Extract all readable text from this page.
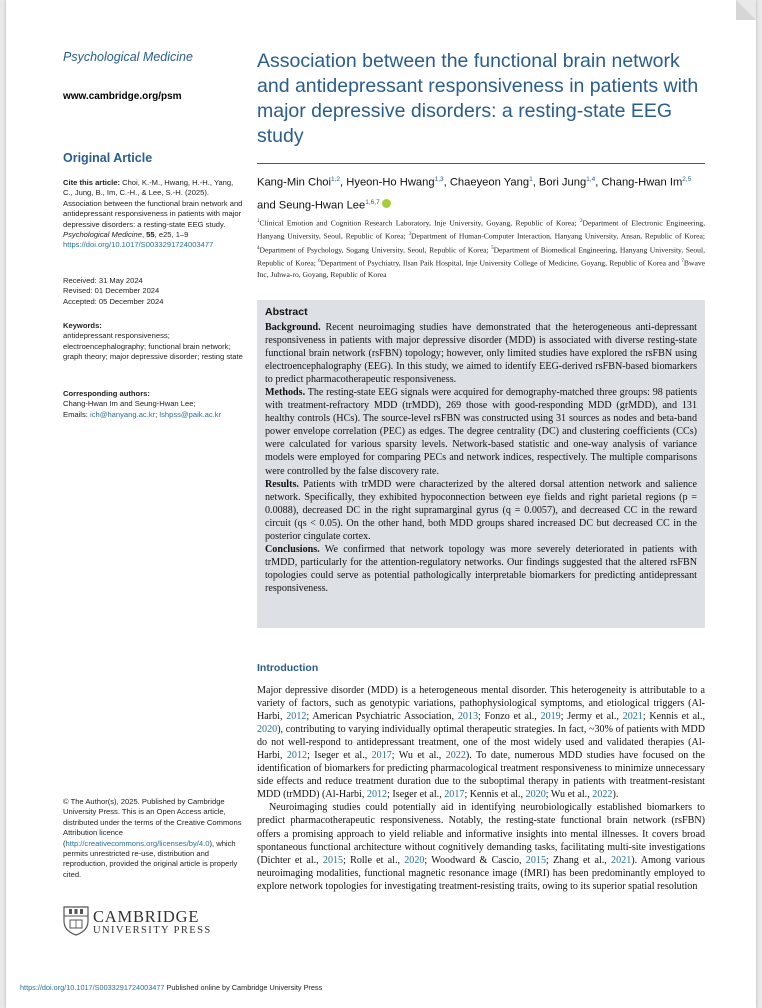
Psychological Medicine
www.cambridge.org/psm
Original Article
Cite this article: Choi, K.-M., Hwang, H.-H., Yang, C., Jung, B., Im, C.-H., & Lee, S.-H. (2025). Association between the functional brain network and antidepressant responsiveness in patients with major depressive disorders: a resting-state EEG study. Psychological Medicine, 55, e25, 1–9
https://doi.org/10.1017/S0033291724003477
Received: 31 May 2024
Revised: 01 December 2024
Accepted: 05 December 2024
Keywords:
antidepressant responsiveness; electroencephalography; functional brain network; graph theory; major depressive disorder; resting state
Corresponding authors:
Chang-Hwan Im and Seung-Hwan Lee;
Emails: ich@hanyang.ac.kr; lshpss@paik.ac.kr
© The Author(s), 2025. Published by Cambridge University Press. This is an Open Access article, distributed under the terms of the Creative Commons Attribution licence (http://creativecommons.org/licenses/by/4.0), which permits unrestricted re-use, distribution and reproduction, provided the original article is properly cited.
CAMBRIDGE
UNIVERSITY PRESS
Association between the functional brain network and antidepressant responsiveness in patients with major depressive disorders: a resting-state EEG study
Kang-Min Choi$^{1,2}$, Hyeon-Ho Hwang$^{1,3}$, Chaeyeon Yang$^1$, Bori Jung$^{1,4}$, Chang-Hwan Im$^{2,5}$ and Seung-Hwan Lee$^{1,6,7}$
$^1$Clinical Emotion and Cognition Research Laboratory, Inje University, Goyang, Republic of Korea; $^2$Department of Electronic Engineering, Hanyang University, Seoul, Republic of Korea; $^3$Department of Human-Computer Interaction, Hanyang University, Ansan, Republic of Korea; $^4$Department of Psychology, Sogang University, Seoul, Republic of Korea; $^5$Department of Biomedical Engineering, Hanyang University, Seoul, Republic of Korea; $^6$Department of Psychiatry, Ilsan Paik Hospital, Inje University College of Medicine, Goyang, Republic of Korea and $^7$Bwave Inc, Juhwa-ro, Goyang, Republic of Korea
Abstract

Background. Recent neuroimaging studies have demonstrated that the heterogeneous anti-depressant responsiveness in patients with major depressive disorder (MDD) is associated with diverse resting-state functional brain network (rsFBN) topology; however, only limited studies have explored the rsFBN using electroencephalography (EEG). In this study, we aimed to identify EEG-derived rsFBN-based biomarkers to predict pharmacotherapeutic responsiveness.

Methods. The resting-state EEG signals were acquired for demography-matched three groups: 98 patients with treatment-refractory MDD (trMDD), 269 those with good-responding MDD (grMDD), and 131 healthy controls (HCs). The source-level rsFBN was constructed using 31 sources as nodes and beta-band power envelope correlation (PEC) as edges. The degree centrality (DC) and clustering coefficients (CCs) were calculated for various sparsity levels. Network-based statistic and one-way analysis of variance models were employed for comparing PECs and network indices, respectively. The multiple comparisons were controlled by the false discovery rate.

Results. Patients with trMDD were characterized by the altered dorsal attention network and salience network. Specifically, they exhibited hypoconnection between eye fields and right parietal regions (p = 0.0088), decreased DC in the right supramarginal gyrus (q = 0.0057), and decreased CC in the reward circuit (qs < 0.05). On the other hand, both MDD groups shared increased DC but decreased CC in the posterior cingulate cortex.

Conclusions. We confirmed that network topology was more severely deteriorated in patients with trMDD, particularly for the attention-regulatory networks. Our findings suggested that the altered rsFBN topologies could serve as potential pathologically interpretable biomarkers for predicting antidepressant responsiveness.

Introduction

Major depressive disorder (MDD) is a heterogeneous mental disorder. This heterogeneity is attributable to a variety of factors, such as genotypic variations, pathophysiological symptoms, and etiological triggers (Al-Harbi, 2012; American Psychiatric Association, 2013; Fonzo et al., 2019; Jermy et al., 2021; Kennis et al., 2020), contributing to varying individually optimal therapeutic strategies. In fact, ~30% of patients with MDD do not well-respond to antidepressant treatment, one of the most widely used and validated therapies (Al-Harbi, 2012; Iseger et al., 2017; Wu et al., 2022). To date, numerous MDD studies have focused on the identification of biomarkers for predicting pharmacological treatment responsiveness to minimize unnecessary side effects and reduce treatment duration due to the suboptimal therapy in patients with treatment-resistant MDD (trMDD) (Al-Harbi, 2012; Iseger et al., 2017; Kennis et al., 2020; Wu et al., 2022).

Neuroimaging studies could potentially aid in identifying neurobiologically established biomarkers to predict pharmacotherapeutic responsiveness. Notably, the resting-state functional brain network (rsFBN) offers a promising approach to yield reliable and informative insights into mental illnesses. It covers broad spontaneous functional architecture without cognitively demanding tasks, facilitating multi-site investigations (Dichter et al., 2015; Rolle et al., 2020; Woodward & Cascio, 2015; Zhang et al., 2021). Among various neuroimaging modalities, functional magnetic resonance image (fMRI) has been predominantly employed to explore network topologies for investigating treatment-resisting traits, owing to its superior spatial resolution

https://doi.org/10.1017/S0033291724003477 Published online by Cambridge University Press
